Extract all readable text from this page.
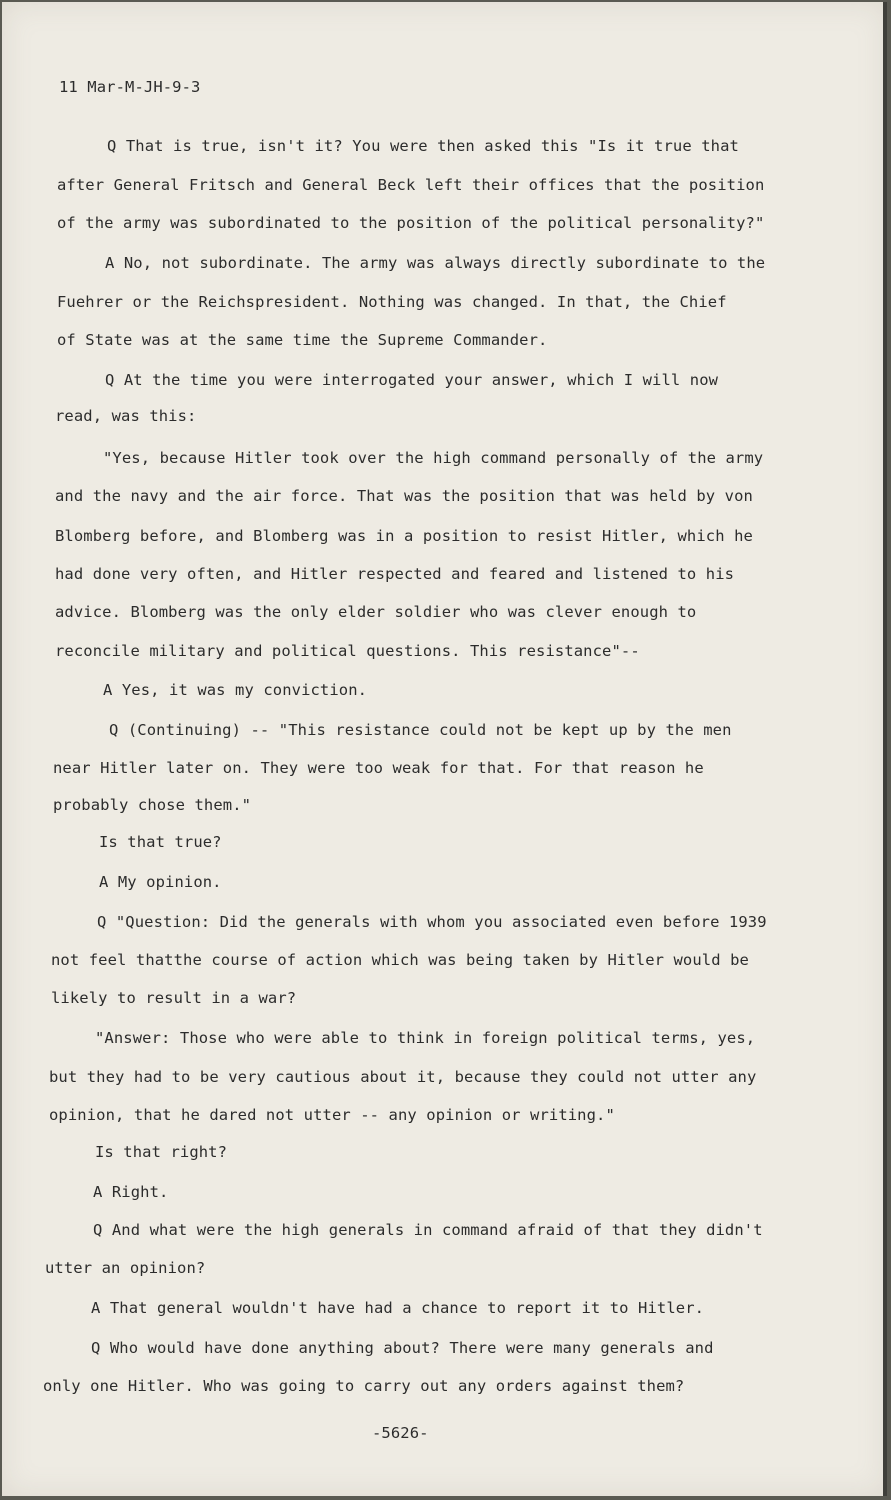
11 Mar-M-JH-9-3

Q That is true, isn't it? You were then asked this "Is it true that

after General Fritsch and General Beck left their offices that the position

of the army was subordinated to the position of the political personality?"

A No, not subordinate. The army was always directly subordinate to the

Fuehrer or the Reichspresident. Nothing was changed. In that, the Chief

of State was at the same time the Supreme Commander.

Q At the time you were interrogated your answer, which I will now

read, was this:

"Yes, because Hitler took over the high command personally of the army

and the navy and the air force. That was the position that was held by von

Blomberg before, and Blomberg was in a position to resist Hitler, which he

had done very often, and Hitler respected and feared and listened to his

advice. Blomberg was the only elder soldier who was clever enough to

reconcile military and political questions. This resistance"--

A Yes, it was my conviction.

Q (Continuing) -- "This resistance could not be kept up by the men

near Hitler later on. They were too weak for that. For that reason he

probably chose them."

Is that true?

A My opinion.

Q "Question: Did the generals with whom you associated even before 1939

not feel thatthe course of action which was being taken by Hitler would be

likely to result in a war?

"Answer: Those who were able to think in foreign political terms, yes,

but they had to be very cautious about it, because they could not utter any

opinion, that he dared not utter -- any opinion or writing."

Is that right?

A Right.

Q And what were the high generals in command afraid of that they didn't

utter an opinion?

A That general wouldn't have had a chance to report it to Hitler.

Q Who would have done anything about? There were many generals and

only one Hitler. Who was going to carry out any orders against them?

-5626-
